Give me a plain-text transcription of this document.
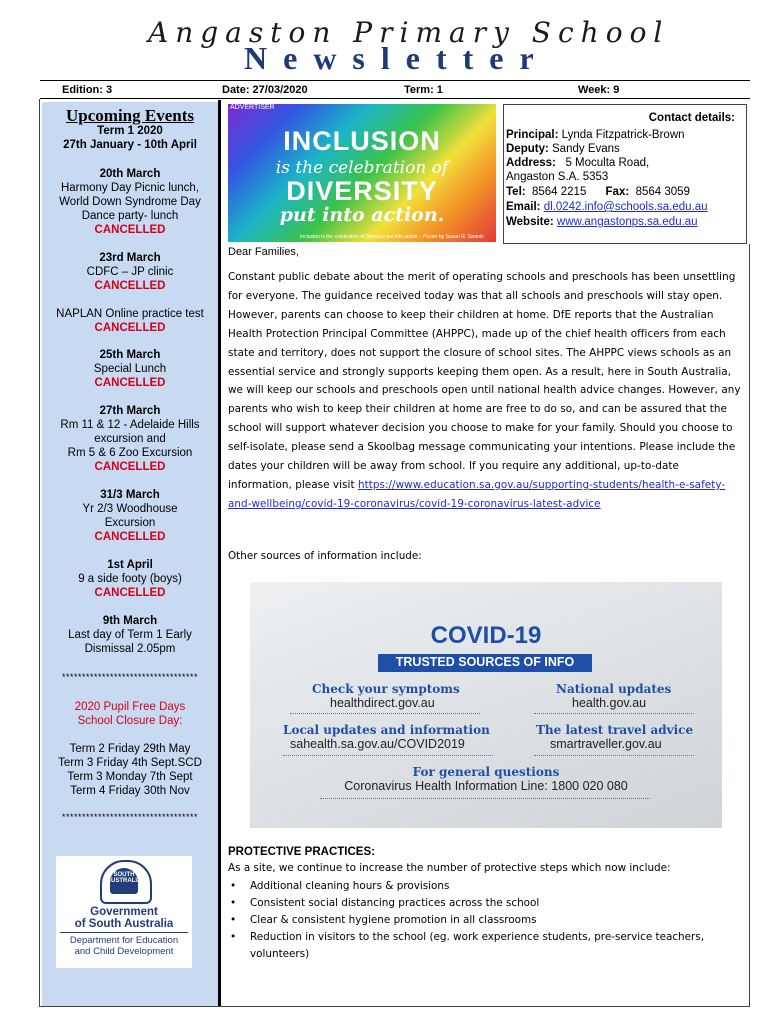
Angaston Primary School
Newsletter
Edition: 3	Date: 27/03/2020	Term: 1	Week: 9
Upcoming Events
Term 1 2020
27th January - 10th April
20th March
Harmony Day Picnic lunch,
World Down Syndrome Day
Dance party- lunch
CANCELLED
23rd March
CDFC – JP clinic
CANCELLED
NAPLAN Online practice test
CANCELLED
25th March
Special Lunch
CANCELLED
27th March
Rm 11 & 12 - Adelaide Hills
excursion and
Rm 5 & 6 Zoo Excursion
CANCELLED
31/3 March
Yr 2/3 Woodhouse
Excursion
CANCELLED
1st April
9 a side footy (boys)
CANCELLED
9th March
Last day of Term 1 Early
Dismissal 2.05pm
**********************************
2020 Pupil Free Days
School Closure Day:
Term 2 Friday 29th May
Term 3 Friday 4th Sept.SCD
Term 3 Monday 7th Sept
Term 4 Friday 30th Nov
**********************************
SOUTH AUSTRALIA
Government
of South Australia
Department for Education
and Child Development
ADVERTISER
INCLUSION
is the celebration of
DIVERSITY
put into action.
Inclusion is the celebration of Diversity put into action – Poster by Susan R. Swanik
Contact details:
Principal: Lynda Fitzpatrick-Brown
Deputy: Sandy Evans
Address: 5 Moculta Road,
Angaston S.A. 5353
Tel: 8564 2215 Fax: 8564 3059
Email: dl.0242.info@schools.sa.edu.au
Website: www.angastonps.sa.edu.au
Dear Families,
Constant public debate about the merit of operating schools and preschools has been unsettling for everyone. The guidance received today was that all schools and preschools will stay open. However, parents can choose to keep their children at home. DfE reports that the Australian Health Protection Principal Committee (AHPPC), made up of the chief health officers from each state and territory, does not support the closure of school sites. The AHPPC views schools as an essential service and strongly supports keeping them open. As a result, here in South Australia, we will keep our schools and preschools open until national health advice changes. However, any parents who wish to keep their children at home are free to do so, and can be assured that the school will support whatever decision you choose to make for your family. Should you choose to self-isolate, please send a Skoolbag message communicating your intentions. Please include the dates your children will be away from school. If you require any additional, up-to-date information, please visit https://www.education.sa.gov.au/supporting-students/health-e-safety-and-wellbeing/covid-19-coronavirus/covid-19-coronavirus-latest-advice
Other sources of information include:
COVID-19
TRUSTED SOURCES OF INFO
Check your symptoms
healthdirect.gov.au
National updates
health.gov.au
Local updates and information
sahealth.sa.gov.au/COVID2019
The latest travel advice
smartraveller.gov.au
For general questions
Coronavirus Health Information Line: 1800 020 080
PROTECTIVE PRACTICES:
As a site, we continue to increase the number of protective steps which now include:
• Additional cleaning hours & provisions
• Consistent social distancing practices across the school
• Clear & consistent hygiene promotion in all classrooms
• Reduction in visitors to the school (eg. work experience students, pre-service teachers, volunteers)
